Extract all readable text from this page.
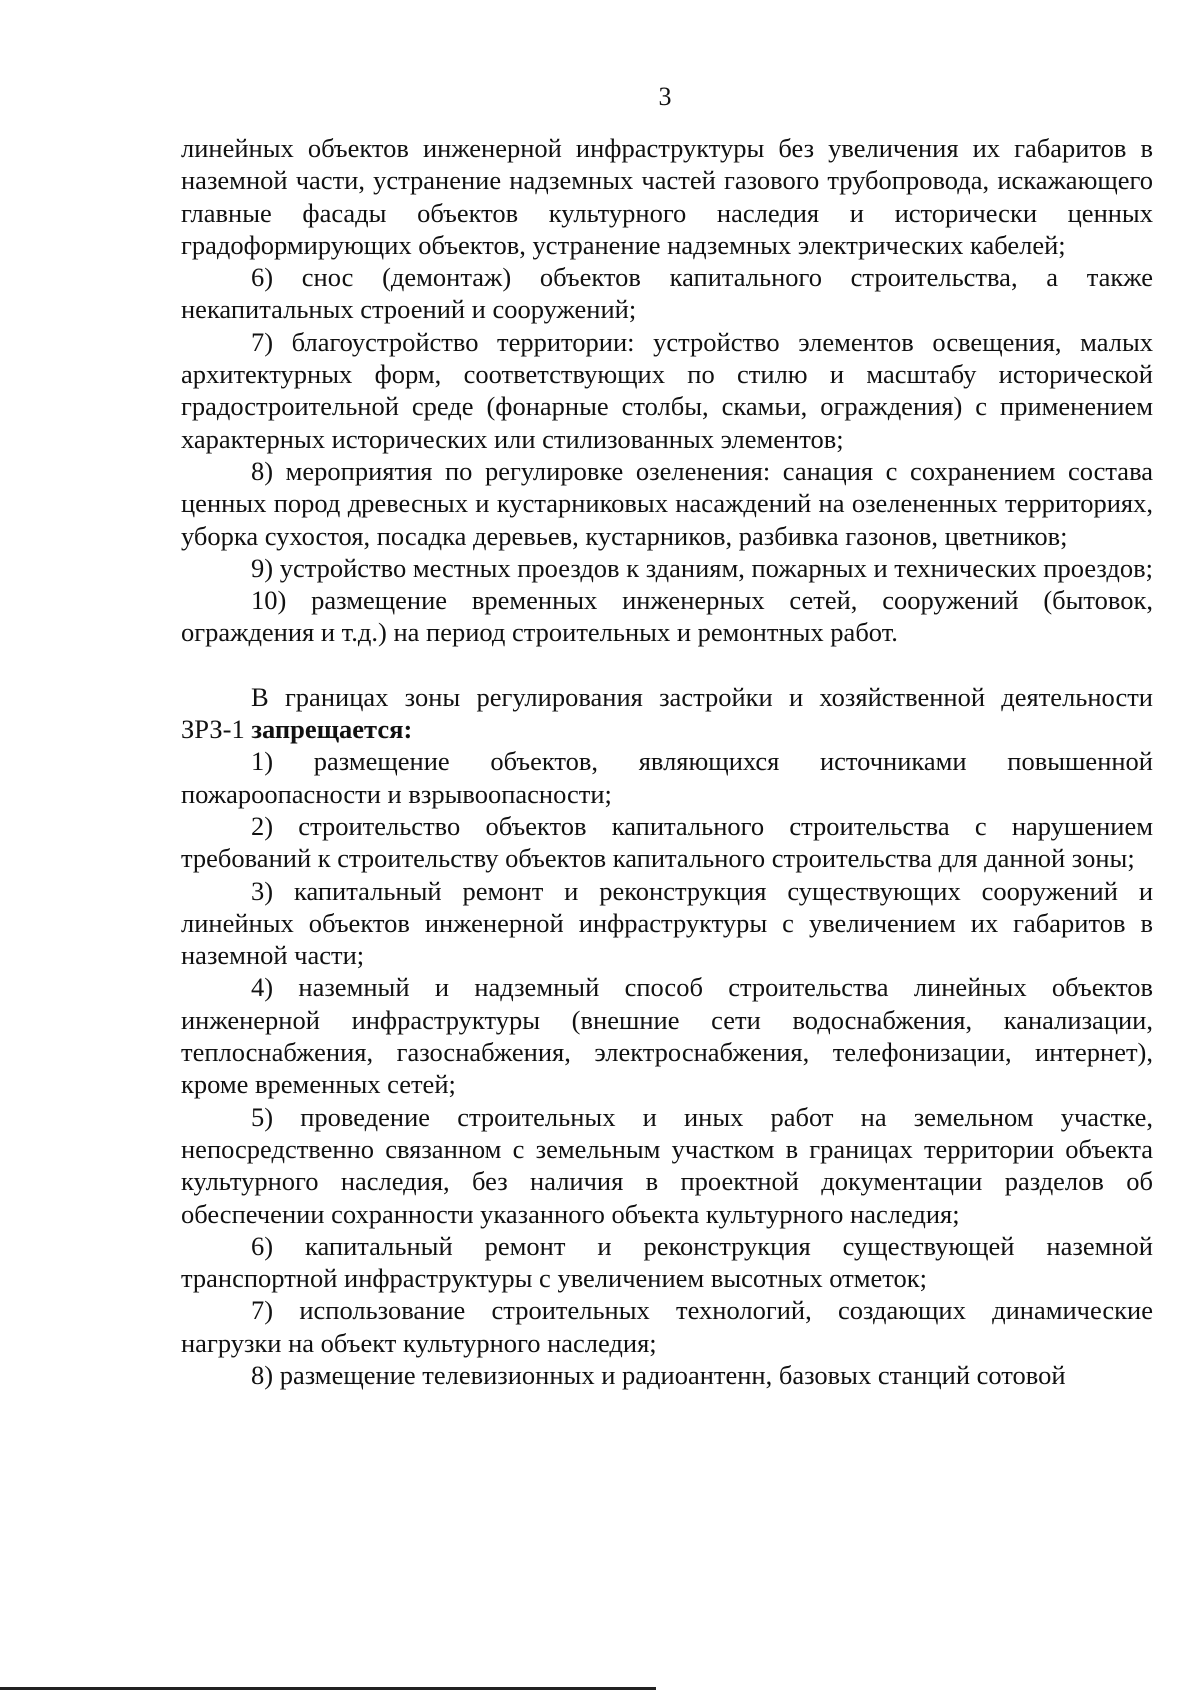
3

линейных объектов инженерной инфраструктуры без увеличения их габаритов в наземной части, устранение надземных частей газового трубопровода, искажающего главные фасады объектов культурного наследия и исторически ценных градоформирующих объектов, устранение надземных электрических кабелей;

6) снос (демонтаж) объектов капитального строительства, а также некапитальных строений и сооружений;

7) благоустройство территории: устройство элементов освещения, малых архитектурных форм, соответствующих по стилю и масштабу исторической градостроительной среде (фонарные столбы, скамьи, ограждения) с применением характерных исторических или стилизованных элементов;

8) мероприятия по регулировке озеленения: санация с сохранением состава ценных пород древесных и кустарниковых насаждений на озелененных территориях, уборка сухостоя, посадка деревьев, кустарников, разбивка газонов, цветников;

9) устройство местных проездов к зданиям, пожарных и технических проездов;

10) размещение временных инженерных сетей, сооружений (бытовок, ограждения и т.д.) на период строительных и ремонтных работ.

В границах зоны регулирования застройки и хозяйственной деятельности ЗРЗ-1 запрещается:

1) размещение объектов, являющихся источниками повышенной пожароопасности и взрывоопасности;

2) строительство объектов капитального строительства с нарушением требований к строительству объектов капитального строительства для данной зоны;

3) капитальный ремонт и реконструкция существующих сооружений и линейных объектов инженерной инфраструктуры с увеличением их габаритов в наземной части;

4) наземный и надземный способ строительства линейных объектов инженерной инфраструктуры (внешние сети водоснабжения, канализации, теплоснабжения, газоснабжения, электроснабжения, телефонизации, интернет), кроме временных сетей;

5) проведение строительных и иных работ на земельном участке, непосредственно связанном с земельным участком в границах территории объекта культурного наследия, без наличия в проектной документации разделов об обеспечении сохранности указанного объекта культурного наследия;

6) капитальный ремонт и реконструкция существующей наземной транспортной инфраструктуры с увеличением высотных отметок;

7) использование строительных технологий, создающих динамические нагрузки на объект культурного наследия;

8) размещение телевизионных и радиоантенн, базовых станций сотовой
